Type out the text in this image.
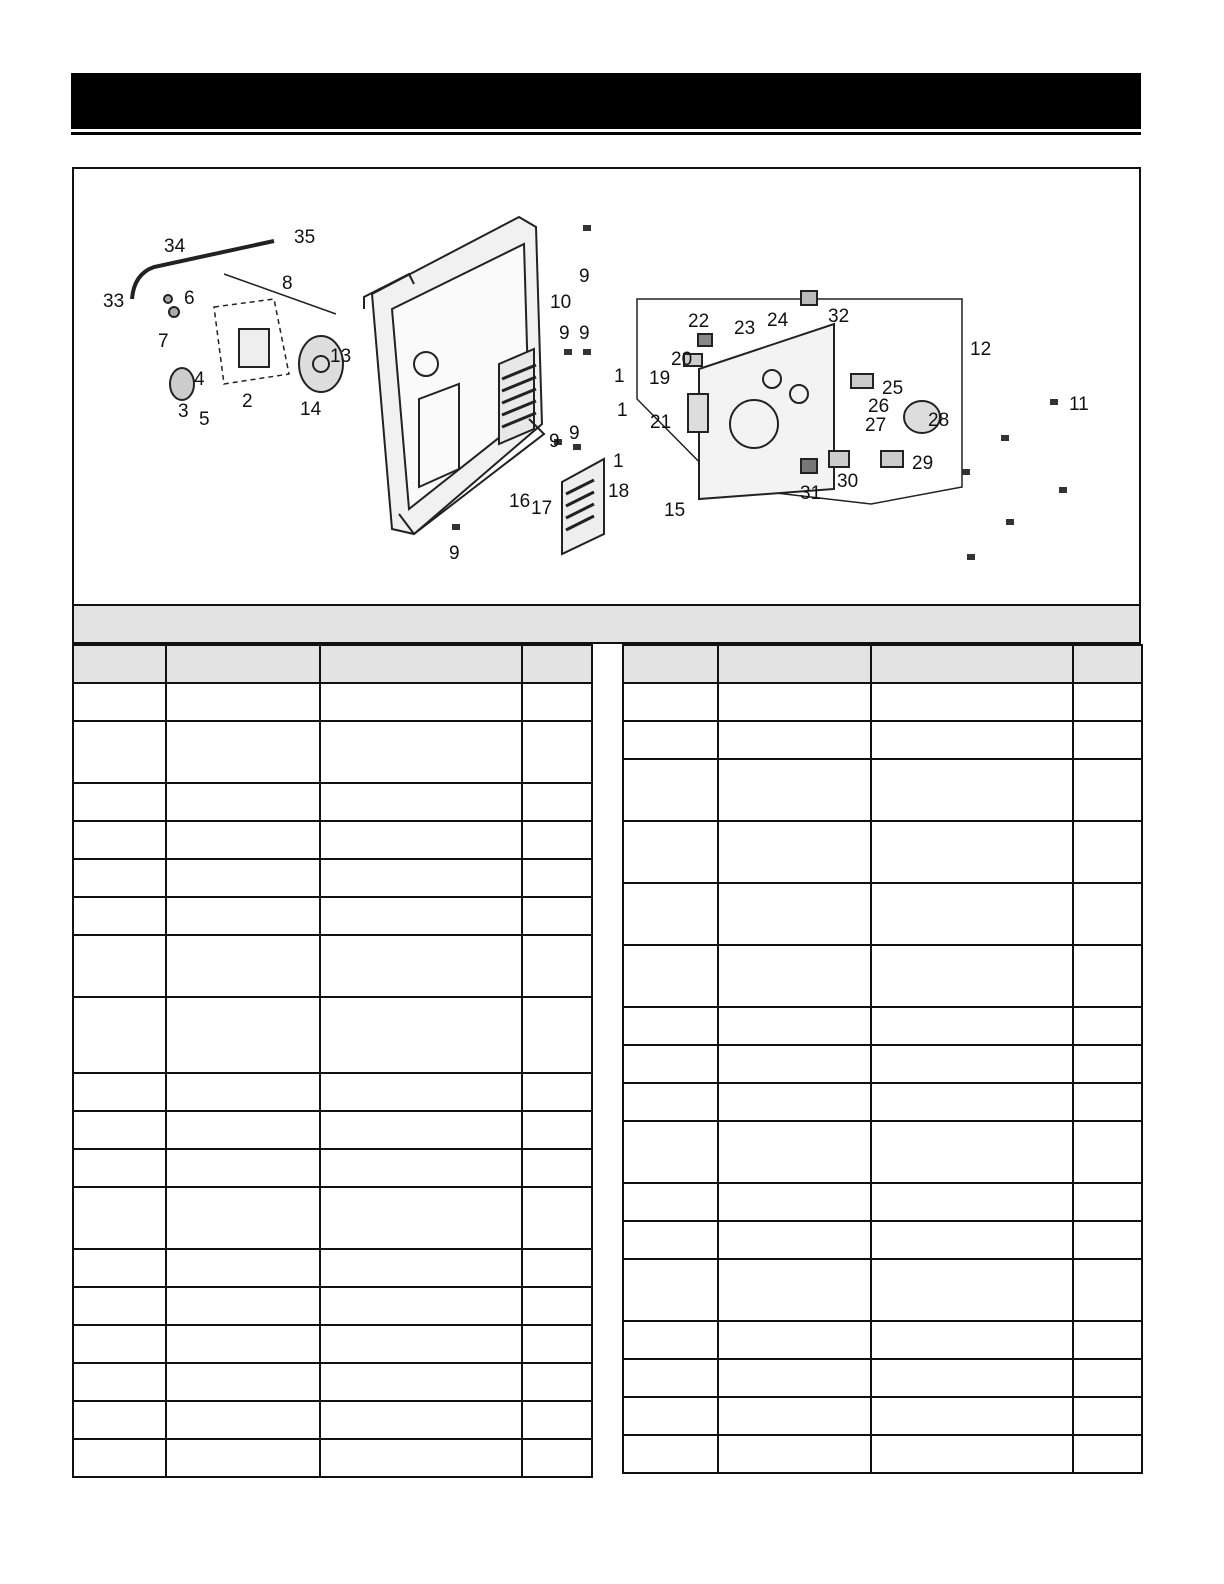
1
1
1
2
3
4
5
6
7
8	9
9 9
9 9
9
10
11
12
13
14
15
16 17
18
19
20
21
22 23 24
25
26
27 28
29
30
31
32
33
34	35
